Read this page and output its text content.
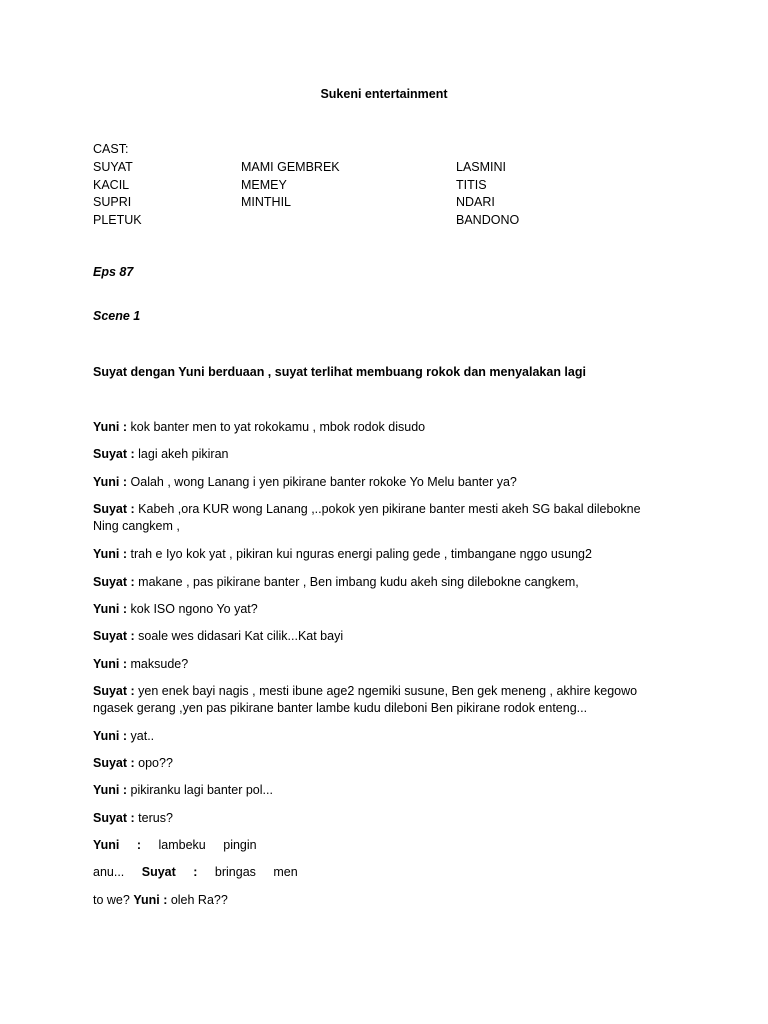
Sukeni entertainment
CAST:
SUYAT
KACIL
SUPRI
PLETUK
MAMI GEMBREK
MEMEY
MINTHIL
LASMINI
TITIS
NDARI
BANDONO
Eps 87
Scene 1
Suyat dengan Yuni berduaan , suyat terlihat membuang rokok dan menyalakan lagi
Yuni : kok banter men to yat rokokamu , mbok rodok disudo
Suyat : lagi akeh pikiran
Yuni : Oalah , wong Lanang i yen pikirane banter rokoke Yo Melu banter ya?
Suyat : Kabeh ,ora KUR wong Lanang ,..pokok yen pikirane banter mesti akeh SG bakal dilebokne Ning cangkem ,
Yuni : trah e Iyo kok yat , pikiran kui nguras energi paling gede , timbangane nggo usung2
Suyat : makane , pas pikirane banter , Ben imbang kudu akeh sing dilebokne cangkem,
Yuni : kok ISO ngono Yo yat?
Suyat : soale wes didasari Kat cilik...Kat bayi
Yuni : maksude?
Suyat : yen enek bayi nagis , mesti ibune age2 ngemiki susune, Ben gek meneng , akhire kegowo ngasek gerang ,yen pas pikirane banter lambe kudu dileboni Ben pikirane rodok enteng...
Yuni : yat..
Suyat : opo??
Yuni : pikiranku lagi banter pol...
Suyat : terus?
Yuni : lambeku pingin
anu... Suyat : bringas men
to we? Yuni : oleh Ra??
